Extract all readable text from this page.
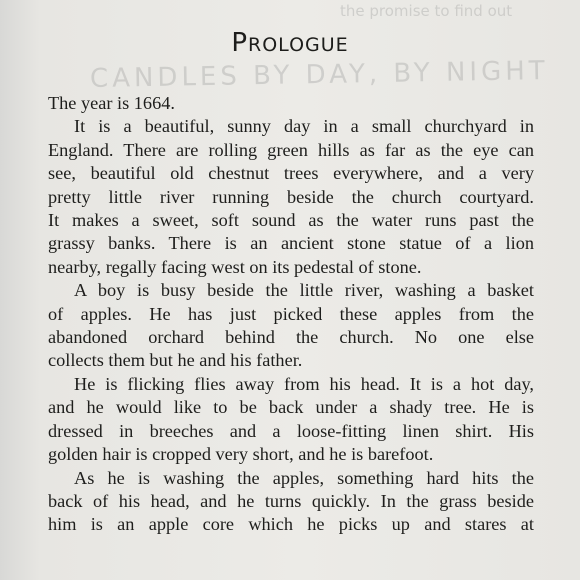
the promise to find out
CANDLES BY DAY, BY NIGHT
PROLOGUE
The year is 1664.
It is a beautiful, sunny day in a small churchyard in
England. There are rolling green hills as far as the eye can
see, beautiful old chestnut trees everywhere, and a very
pretty little river running beside the church courtyard.
It makes a sweet, soft sound as the water runs past the
grassy banks. There is an ancient stone statue of a lion
nearby, regally facing west on its pedestal of stone.
A boy is busy beside the little river, washing a basket
of apples. He has just picked these apples from the
abandoned orchard behind the church. No one else
collects them but he and his father.
He is flicking flies away from his head. It is a hot day,
and he would like to be back under a shady tree. He is
dressed in breeches and a loose-fitting linen shirt. His
golden hair is cropped very short, and he is barefoot.
As he is washing the apples, something hard hits the
back of his head, and he turns quickly. In the grass beside
him is an apple core which he picks up and stares at
